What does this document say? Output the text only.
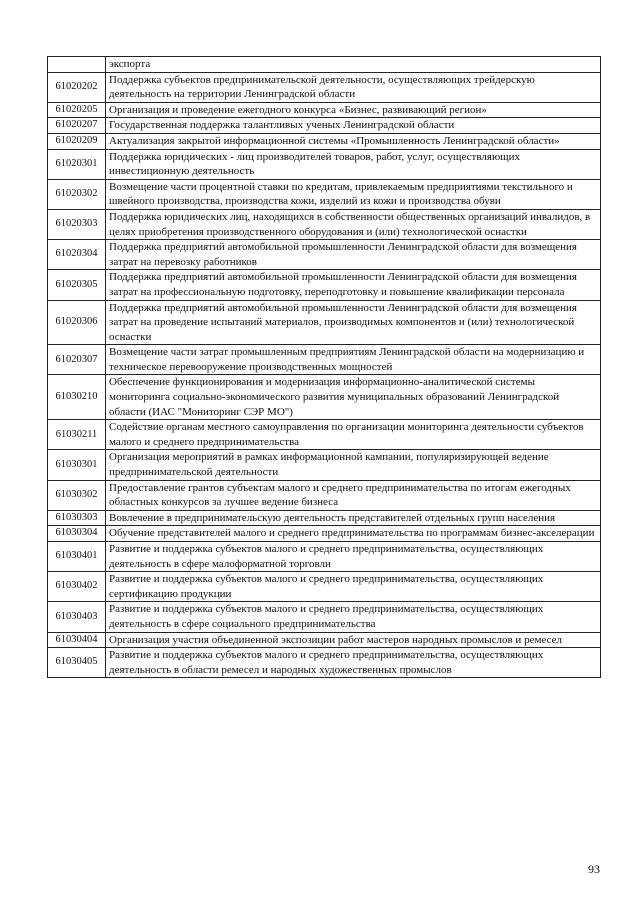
	экспорта
61020202	Поддержка субъектов предпринимательской деятельности, осуществляющих трейдерскую деятельность на территории Ленинградской области
61020205	Организация и проведение ежегодного конкурса «Бизнес, развивающий регион»
61020207	Государственная поддержка талантливых ученых Ленинградской области
61020209	Актуализация закрытой информационной системы «Промышленность Ленинградской области»
61020301	Поддержка юридических - лиц производителей товаров, работ, услуг, осуществляющих инвестиционную деятельность
61020302	Возмещение части процентной ставки по кредитам, привлекаемым предприятиями текстильного и швейного производства, производства кожи, изделий из кожи и производства обуви
61020303	Поддержка юридических лиц, находящихся в собственности общественных организаций инвалидов, в целях приобретения производственного оборудования и (или) технологической оснастки
61020304	Поддержка предприятий автомобильной промышленности Ленинградской области для возмещения затрат на перевозку работников
61020305	Поддержка предприятий автомобильной промышленности Ленинградской области для возмещения затрат на профессиональную подготовку, переподготовку и повышение квалификации персонала
61020306	Поддержка предприятий автомобильной промышленности Ленинградской области для возмещения затрат на проведение испытаний материалов, производимых компонентов и (или) технологической оснастки
61020307	Возмещение части затрат промышленным предприятиям Ленинградской области на модернизацию и техническое перевооружение производственных мощностей
61030210	Обеспечение функционирования и модернизация информационно-аналитической системы мониторинга социально-экономического развития муниципальных образований Ленинградской области (ИАС "Мониторинг СЭР МО")
61030211	Содействие органам местного самоуправления по организации мониторинга деятельности субъектов малого и среднего предпринимательства
61030301	Организация мероприятий в рамках информационной кампании, популяризирующей ведение предпринимательской деятельности
61030302	Предоставление грантов субъектам малого и среднего предпринимательства по итогам ежегодных областных конкурсов за лучшее ведение бизнеса
61030303	Вовлечение в предпринимательскую деятельность представителей отдельных групп населения
61030304	Обучение представителей малого и среднего предпринимательства по программам бизнес-акселерации
61030401	Развитие и поддержка субъектов малого и среднего предпринимательства, осуществляющих деятельность в сфере малоформатной торговли
61030402	Развитие и поддержка субъектов малого и среднего предпринимательства, осуществляющих сертификацию продукции
61030403	Развитие и поддержка субъектов малого и среднего предпринимательства, осуществляющих деятельность в сфере социального предпринимательства
61030404	Организация участия объединенной экспозиции работ мастеров народных промыслов и ремесел
61030405	Развитие и поддержка субъектов малого и среднего предпринимательства, осуществляющих деятельность в области ремесел и народных художественных промыслов
93
